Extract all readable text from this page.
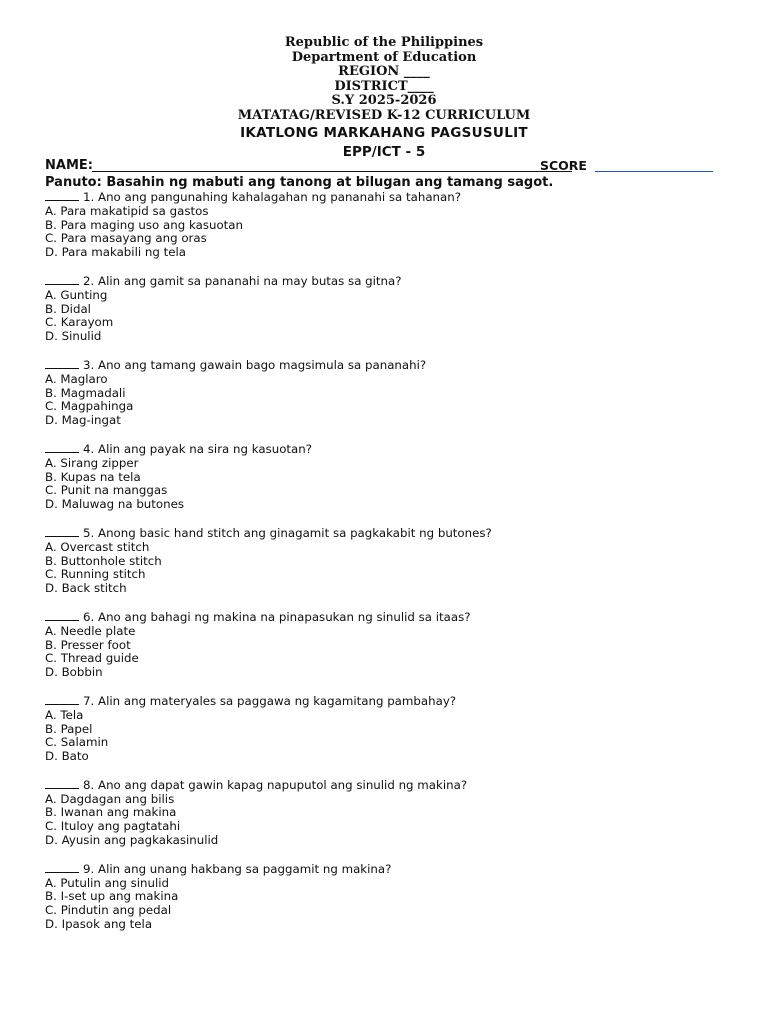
Republic of the Philippines
Department of Education
REGION ____
DISTRICT____
S.Y 2025-2026
MATATAG/REVISED K-12 CURRICULUM
IKATLONG MARKAHANG PAGSUSULIT
EPP/ICT - 5
NAME:	SCORE
Panuto: Basahin ng mabuti ang tanong at bilugan ang tamang sagot.
1. Ano ang pangunahing kahalagahan ng pananahi sa tahanan?
A. Para makatipid sa gastos
B. Para maging uso ang kasuotan
C. Para masayang ang oras
D. Para makabili ng tela
2. Alin ang gamit sa pananahi na may butas sa gitna?
A. Gunting
B. Didal
C. Karayom
D. Sinulid
3. Ano ang tamang gawain bago magsimula sa pananahi?
A. Maglaro
B. Magmadali
C. Magpahinga
D. Mag-ingat
4. Alin ang payak na sira ng kasuotan?
A. Sirang zipper
B. Kupas na tela
C. Punit na manggas
D. Maluwag na butones
5. Anong basic hand stitch ang ginagamit sa pagkakabit ng butones?
A. Overcast stitch
B. Buttonhole stitch
C. Running stitch
D. Back stitch
6. Ano ang bahagi ng makina na pinapasukan ng sinulid sa itaas?
A. Needle plate
B. Presser foot
C. Thread guide
D. Bobbin
7. Alin ang materyales sa paggawa ng kagamitang pambahay?
A. Tela
B. Papel
C. Salamin
D. Bato
8. Ano ang dapat gawin kapag napuputol ang sinulid ng makina?
A. Dagdagan ang bilis
B. Iwanan ang makina
C. Ituloy ang pagtatahi
D. Ayusin ang pagkakasinulid
9. Alin ang unang hakbang sa paggamit ng makina?
A. Putulin ang sinulid
B. I-set up ang makina
C. Pindutin ang pedal
D. Ipasok ang tela
